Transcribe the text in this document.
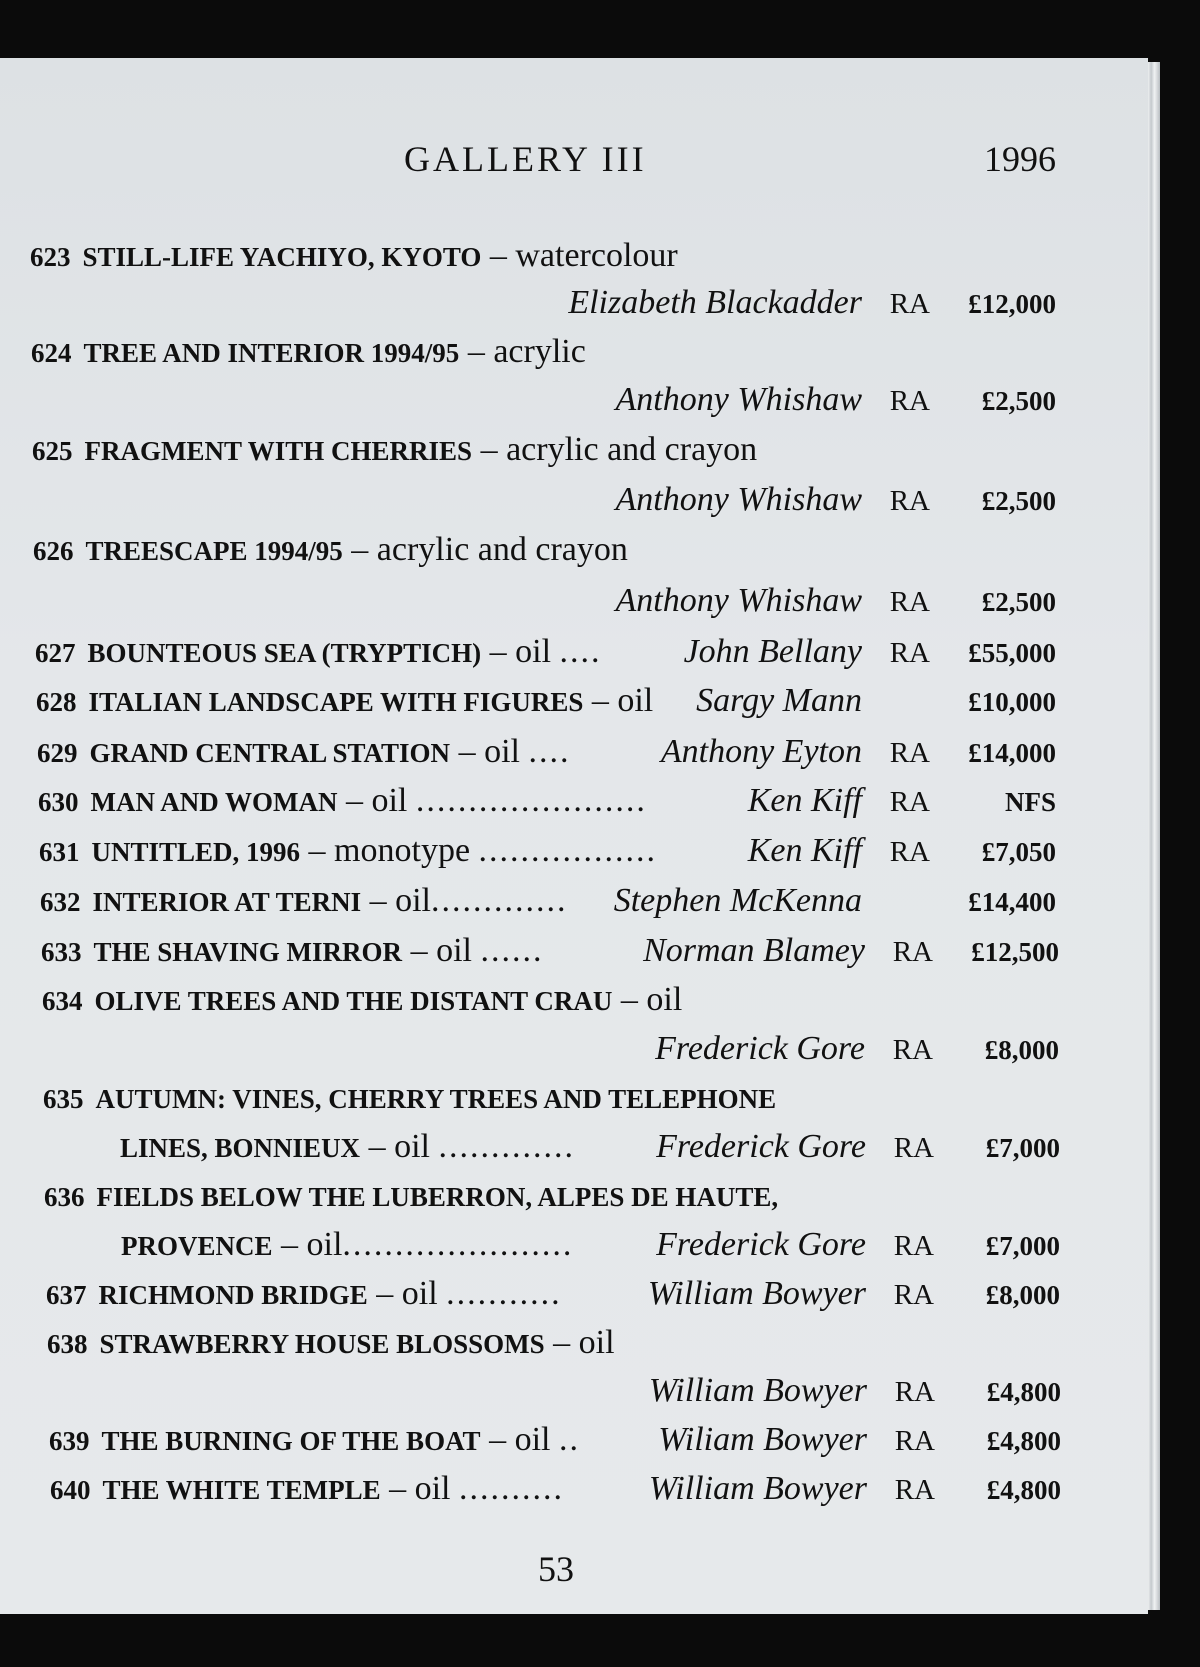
GALLERY III	1996
623 STILL-LIFE YACHIYO, KYOTO – watercolour
Elizabeth Blackadder RA	£12,000
624 TREE AND INTERIOR 1994/95 – acrylic
Anthony Whishaw RA	£2,500
625 FRAGMENT WITH CHERRIES – acrylic and crayon
Anthony Whishaw RA	£2,500
626 TREESCAPE 1994/95 – acrylic and crayon
Anthony Whishaw RA	£2,500
627 BOUNTEOUS SEA (TRYPTICH) – oil .... John Bellany RA	£55,000
628 ITALIAN LANDSCAPE WITH FIGURES – oil Sargy Mann	£10,000
629 GRAND CENTRAL STATION – oil ....	Anthony Eyton RA	£14,000
630 MAN AND WOMAN – oil ......................	Ken Kiff RA	NFS
631 UNTITLED, 1996 – monotype .................	Ken Kiff RA	£7,050
632 INTERIOR AT TERNI – oil............. Stephen McKenna	£14,400
633 THE SHAVING MIRROR – oil ......	Norman Blamey RA	£12,500
634 OLIVE TREES AND THE DISTANT CRAU – oil
Frederick Gore RA	£8,000
635 AUTUMN: VINES, CHERRY TREES AND TELEPHONE
LINES, BONNIEUX – oil ............. Frederick Gore RA	£7,000
636 FIELDS BELOW THE LUBERRON, ALPES DE HAUTE,
PROVENCE – oil...................... Frederick Gore RA	£7,000
637 RICHMOND BRIDGE – oil ...........	William Bowyer RA	£8,000
638 STRAWBERRY HOUSE BLOSSOMS – oil
William Bowyer RA	£4,800
639 THE BURNING OF THE BOAT – oil .. Wiliam Bowyer RA	£4,800
640 THE WHITE TEMPLE – oil .......... William Bowyer RA	£4,800
53
